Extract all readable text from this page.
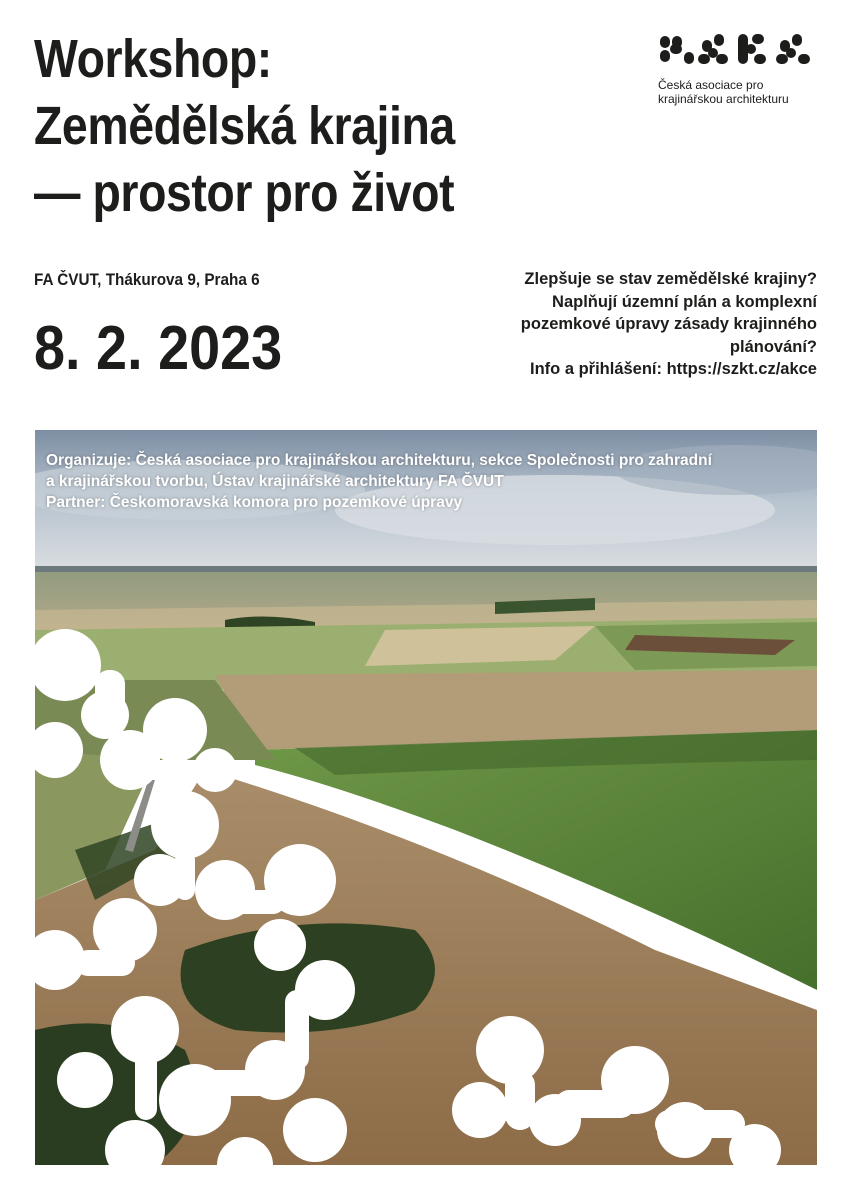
Workshop:
Zemědělská krajina
— prostor pro život
Česká asociace pro
krajinářskou architekturu
FA ČVUT, Thákurova 9, Praha 6
8. 2. 2023
Zlepšuje se stav zemědělské krajiny?
Naplňují územní plán a komplexní
pozemkové úpravy zásady krajinného
plánování?
Info a přihlášení: https://szkt.cz/akce
Organizuje: Česká asociace pro krajinářskou architekturu, sekce Společnosti pro zahradní
a krajinářskou tvorbu, Ústav krajinářské architektury FA ČVUT
Partner: Českomoravská komora pro pozemkové úpravy
